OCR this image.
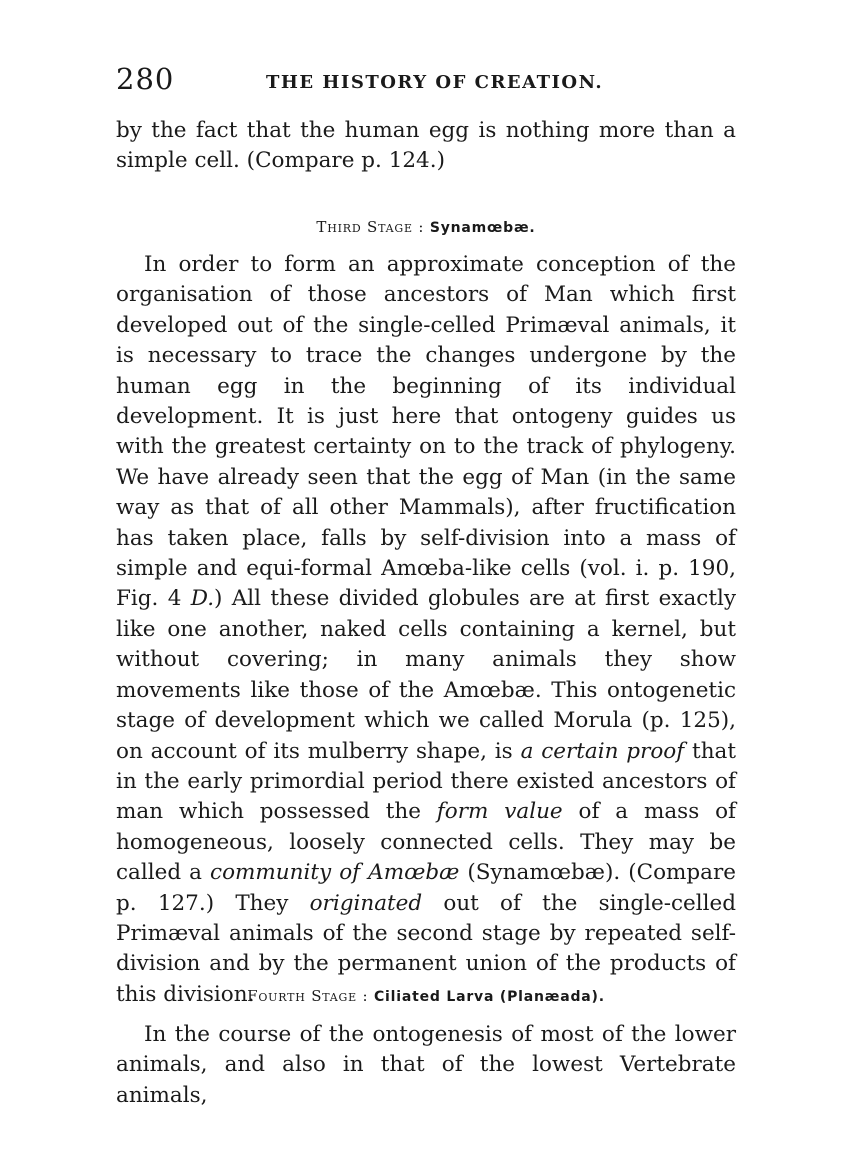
280	THE HISTORY OF CREATION.

by the fact that the human egg is nothing more than a simple cell. (Compare p. 124.)

Third Stage : Synamœbæ.

In order to form an approximate conception of the organisation of those ancestors of Man which first developed out of the single-celled Primæval animals, it is necessary to trace the changes undergone by the human egg in the beginning of its individual development. It is just here that ontogeny guides us with the greatest certainty on to the track of phylogeny. We have already seen that the egg of Man (in the same way as that of all other Mammals), after fructification has taken place, falls by self-division into a mass of simple and equi-formal Amœba-like cells (vol. i. p. 190, Fig. 4 D.) All these divided globules are at first exactly like one another, naked cells containing a kernel, but without covering; in many animals they show movements like those of the Amœbæ. This ontogenetic stage of development which we called Morula (p. 125), on account of its mulberry shape, is a certain proof that in the early primordial period there existed ancestors of man which possessed the form value of a mass of homogeneous, loosely connected cells. They may be called a community of Amœbæ (Synamœbæ). (Compare p. 127.) They originated out of the single-celled Primæval animals of the second stage by repeated self-division and by the permanent union of the products of this division.

Fourth Stage : Ciliated Larva (Planæada).

In the course of the ontogenesis of most of the lower animals, and also in that of the lowest Vertebrate animals,
